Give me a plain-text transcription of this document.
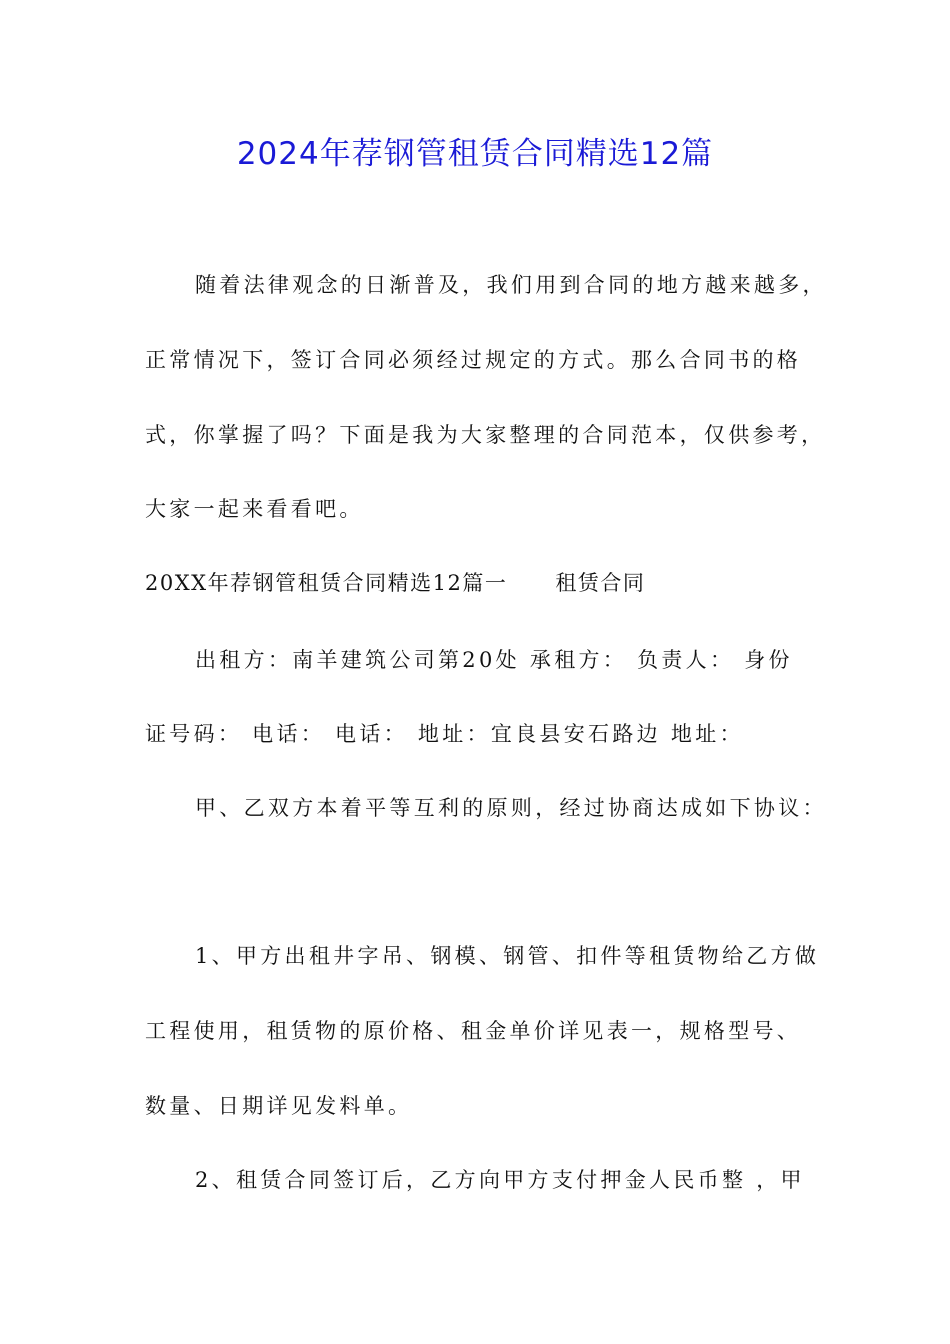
2024年荐钢管租赁合同精选12篇
随着法律观念的日渐普及，我们用到合同的地方越来越多，
正常情况下，签订合同必须经过规定的方式。那么合同书的格
式，你掌握了吗？下面是我为大家整理的合同范本，仅供参考，
大家一起来看看吧。
20XX年荐钢管租赁合同精选12篇一 租赁合同
出租方：南羊建筑公司第20处 承租方： 负责人： 身份
证号码： 电话： 电话： 地址：宜良县安石路边 地址：
甲、乙双方本着平等互利的原则，经过协商达成如下协议：
1、甲方出租井字吊、钢模、钢管、扣件等租赁物给乙方做
工程使用，租赁物的原价格、租金单价详见表一，规格型号、
数量、日期详见发料单。
2、租赁合同签订后，乙方向甲方支付押金人民币整 ，甲
